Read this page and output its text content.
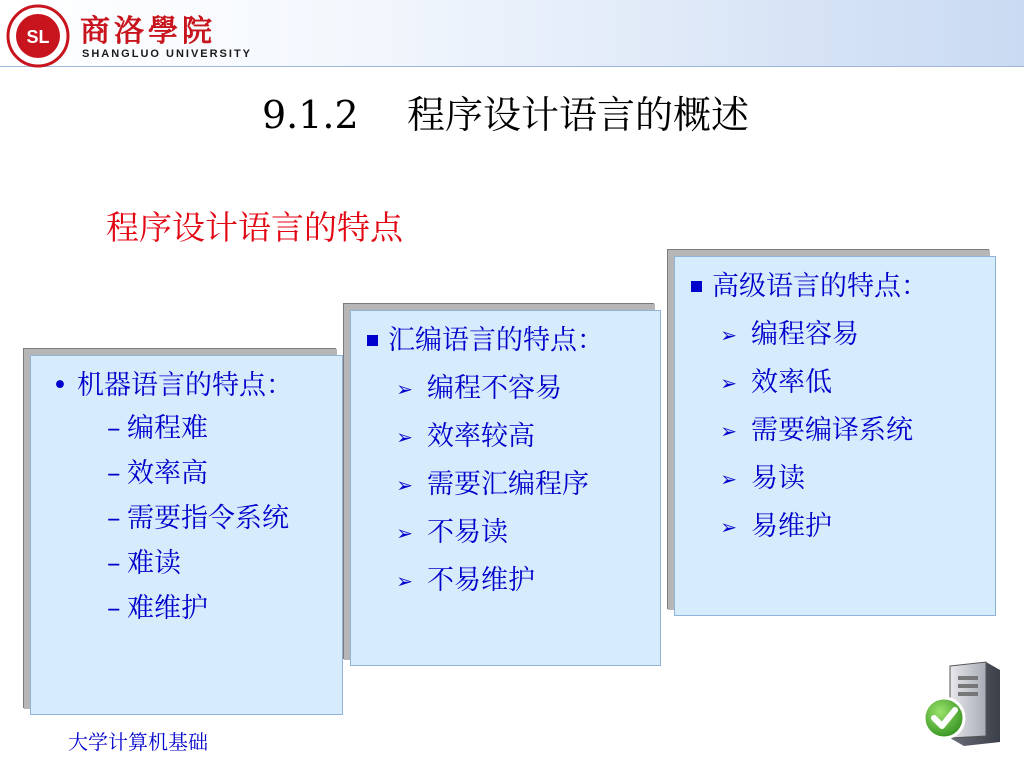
SL 商洛學院
SHANGLUO UNIVERSITY
9.1.2    程序设计语言的概述
程序设计语言的特点
• 机器语言的特点：
– 编程难
– 效率高
– 需要指令系统
– 难读
– 难维护
汇编语言的特点：
➢ 编程不容易
➢ 效率较高
➢ 需要汇编程序
➢ 不易读
➢ 不易维护
高级语言的特点：
➢ 编程容易
➢ 效率低
➢ 需要编译系统
➢ 易读
➢ 易维护
大学计算机基础
